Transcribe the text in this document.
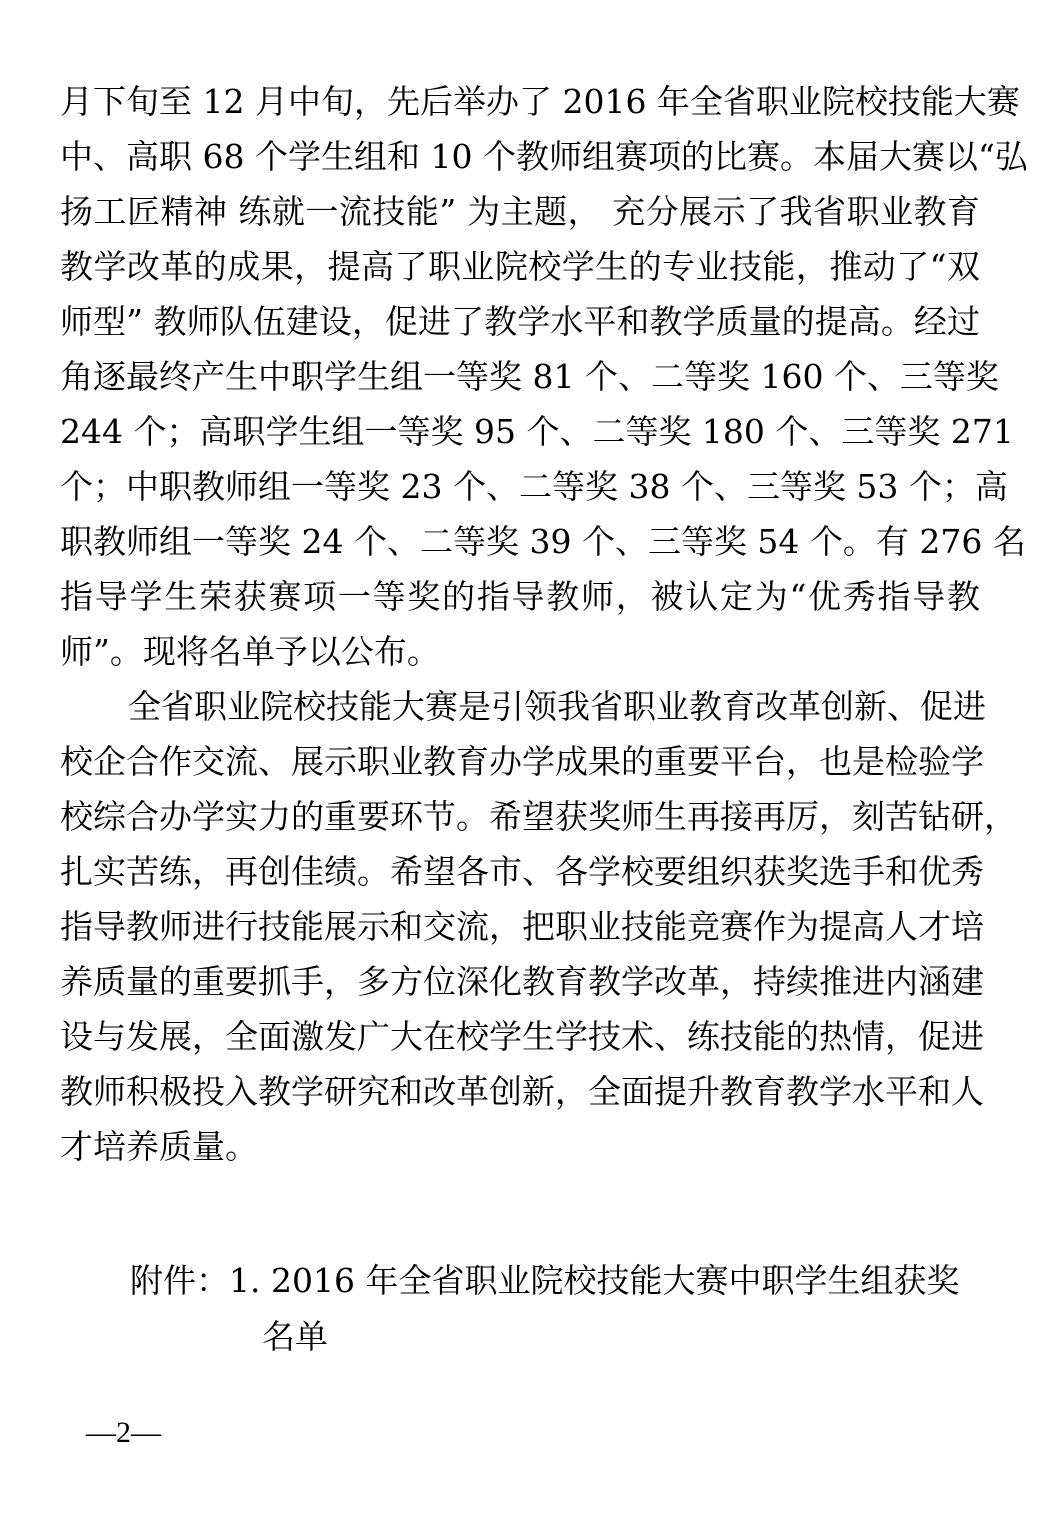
月下旬至 12 月中旬，先后举办了 2016 年全省职业院校技能大赛
中、高职 68 个学生组和 10 个教师组赛项的比赛。本届大赛以“弘
扬工匠精神 练就一流技能” 为主题， 充分展示了我省职业教育
教学改革的成果，提高了职业院校学生的专业技能，推动了“双
师型” 教师队伍建设，促进了教学水平和教学质量的提高。经过
角逐最终产生中职学生组一等奖 81 个、二等奖 160 个、三等奖
244 个；高职学生组一等奖 95 个、二等奖 180 个、三等奖 271
个；中职教师组一等奖 23 个、二等奖 38 个、三等奖 53 个；高
职教师组一等奖 24 个、二等奖 39 个、三等奖 54 个。有 276 名
指导学生荣获赛项一等奖的指导教师，被认定为“优秀指导教
师”。现将名单予以公布。
全省职业院校技能大赛是引领我省职业教育改革创新、促进
校企合作交流、展示职业教育办学成果的重要平台，也是检验学
校综合办学实力的重要环节。希望获奖师生再接再厉，刻苦钻研，
扎实苦练，再创佳绩。希望各市、各学校要组织获奖选手和优秀
指导教师进行技能展示和交流，把职业技能竞赛作为提高人才培
养质量的重要抓手，多方位深化教育教学改革，持续推进内涵建
设与发展，全面激发广大在校学生学技术、练技能的热情，促进
教师积极投入教学研究和改革创新，全面提升教育教学水平和人
才培养质量。
附件：1. 2016 年全省职业院校技能大赛中职学生组获奖
名单
—2—
